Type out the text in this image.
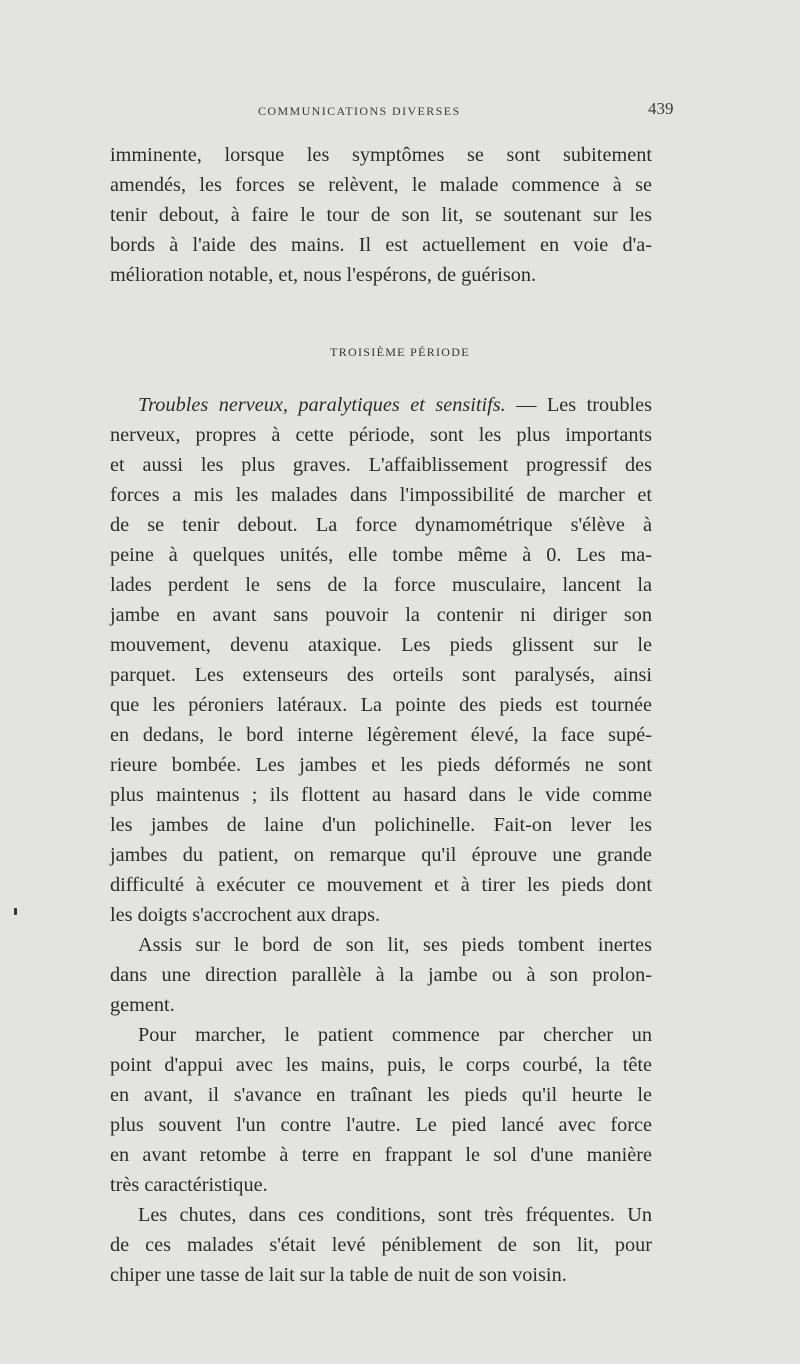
COMMUNICATIONS DIVERSES	439
imminente, lorsque les symptômes se sont subitement
amendés, les forces se relèvent, le malade commence à se
tenir debout, à faire le tour de son lit, se soutenant sur les
bords à l'aide des mains. Il est actuellement en voie d'a-
mélioration notable, et, nous l'espérons, de guérison.
TROISIÈME PÉRIODE
Troubles nerveux, paralytiques et sensitifs. — Les troubles
nerveux, propres à cette période, sont les plus importants
et aussi les plus graves. L'affaiblissement progressif des
forces a mis les malades dans l'impossibilité de marcher et
de se tenir debout. La force dynamométrique s'élève à
peine à quelques unités, elle tombe même à 0. Les ma-
lades perdent le sens de la force musculaire, lancent la
jambe en avant sans pouvoir la contenir ni diriger son
mouvement, devenu ataxique. Les pieds glissent sur le
parquet. Les extenseurs des orteils sont paralysés, ainsi
que les péroniers latéraux. La pointe des pieds est tournée
en dedans, le bord interne légèrement élevé, la face supé-
rieure bombée. Les jambes et les pieds déformés ne sont
plus maintenus ; ils flottent au hasard dans le vide comme
les jambes de laine d'un polichinelle. Fait-on lever les
jambes du patient, on remarque qu'il éprouve une grande
difficulté à exécuter ce mouvement et à tirer les pieds dont
les doigts s'accrochent aux draps.
Assis sur le bord de son lit, ses pieds tombent inertes
dans une direction parallèle à la jambe ou à son prolon-
gement.
Pour marcher, le patient commence par chercher un
point d'appui avec les mains, puis, le corps courbé, la tête
en avant, il s'avance en traînant les pieds qu'il heurte le
plus souvent l'un contre l'autre. Le pied lancé avec force
en avant retombe à terre en frappant le sol d'une manière
très caractéristique.
Les chutes, dans ces conditions, sont très fréquentes. Un
de ces malades s'était levé péniblement de son lit, pour
chiper une tasse de lait sur la table de nuit de son voisin.
